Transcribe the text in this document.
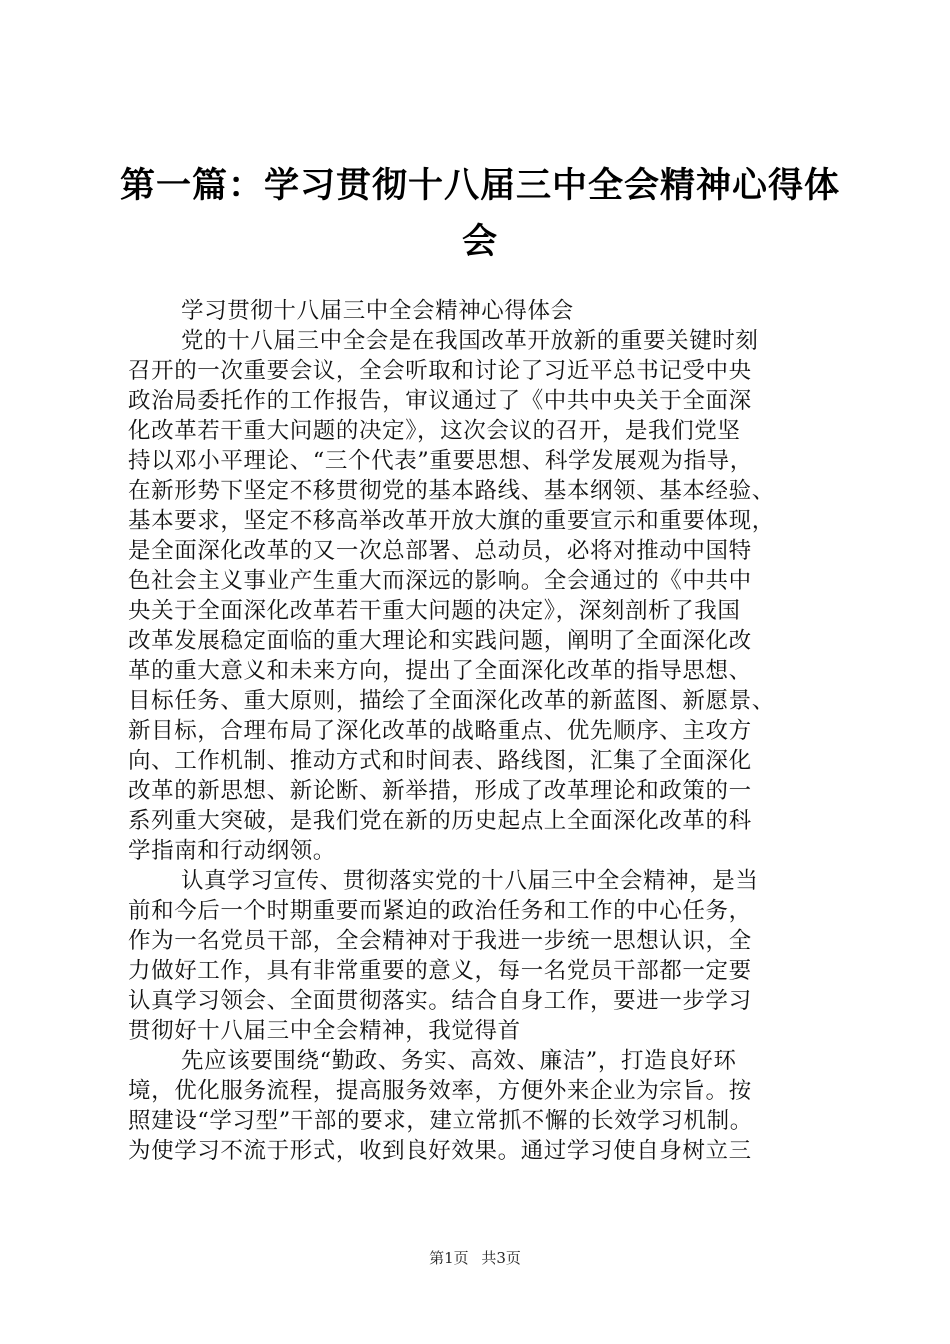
第一篇：学习贯彻十八届三中全会精神心得体
会
学习贯彻十八届三中全会精神心得体会
党的十八届三中全会是在我国改革开放新的重要关键时刻
召开的一次重要会议，全会听取和讨论了习近平总书记受中央
政治局委托作的工作报告，审议通过了《中共中央关于全面深
化改革若干重大问题的决定》，这次会议的召开，是我们党坚
持以邓小平理论、“三个代表”重要思想、科学发展观为指导，
在新形势下坚定不移贯彻党的基本路线、基本纲领、基本经验、
基本要求，坚定不移高举改革开放大旗的重要宣示和重要体现，
是全面深化改革的又一次总部署、总动员，必将对推动中国特
色社会主义事业产生重大而深远的影响。全会通过的《中共中
央关于全面深化改革若干重大问题的决定》，深刻剖析了我国
改革发展稳定面临的重大理论和实践问题，阐明了全面深化改
革的重大意义和未来方向，提出了全面深化改革的指导思想、
目标任务、重大原则，描绘了全面深化改革的新蓝图、新愿景、
新目标，合理布局了深化改革的战略重点、优先顺序、主攻方
向、工作机制、推动方式和时间表、路线图，汇集了全面深化
改革的新思想、新论断、新举措，形成了改革理论和政策的一
系列重大突破，是我们党在新的历史起点上全面深化改革的科
学指南和行动纲领。
认真学习宣传、贯彻落实党的十八届三中全会精神，是当
前和今后一个时期重要而紧迫的政治任务和工作的中心任务，
作为一名党员干部，全会精神对于我进一步统一思想认识，全
力做好工作，具有非常重要的意义，每一名党员干部都一定要
认真学习领会、全面贯彻落实。结合自身工作，要进一步学习
贯彻好十八届三中全会精神，我觉得首
先应该要围绕“勤政、务实、高效、廉洁”，打造良好环
境，优化服务流程，提高服务效率，方便外来企业为宗旨。按
照建设“学习型”干部的要求，建立常抓不懈的长效学习机制。
为使学习不流于形式，收到良好效果。通过学习使自身树立三
第1页 共3页
